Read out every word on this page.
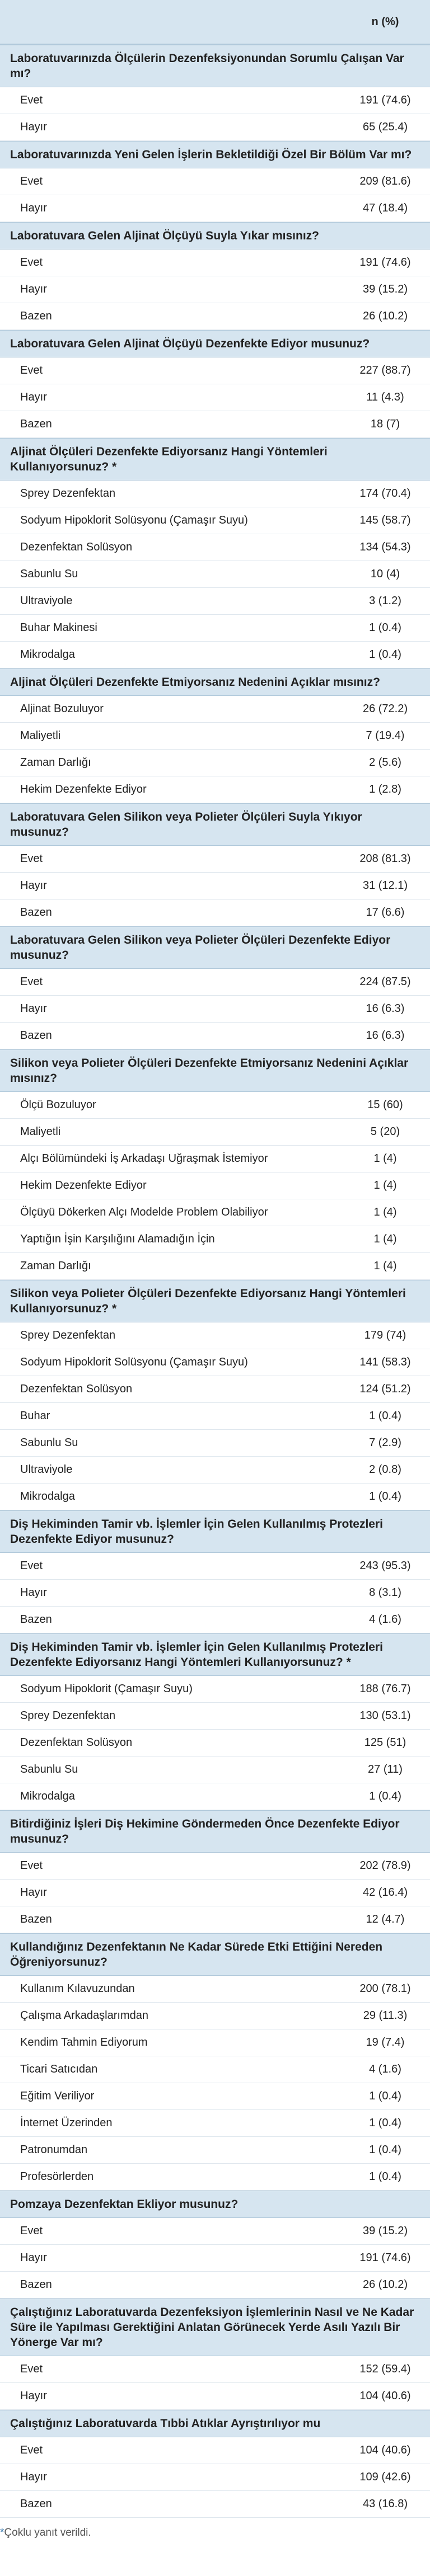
n (%)
Laboratuvarınızda Ölçülerin Dezenfeksiyonundan Sorumlu Çalışan Var mı?
Evet	191 (74.6)
Hayır	65 (25.4)
Laboratuvarınızda Yeni Gelen İşlerin Bekletildiği Özel Bir Bölüm Var mı?
Evet	209 (81.6)
Hayır	47 (18.4)
Laboratuvara Gelen Aljinat Ölçüyü Suyla Yıkar mısınız?
Evet	191 (74.6)
Hayır	39 (15.2)
Bazen	26 (10.2)
Laboratuvara Gelen Aljinat Ölçüyü Dezenfekte Ediyor musunuz?
Evet	227 (88.7)
Hayır	11 (4.3)
Bazen	18 (7)
Aljinat Ölçüleri Dezenfekte Ediyorsanız Hangi Yöntemleri Kullanıyorsunuz? *
Sprey Dezenfektan	174 (70.4)
Sodyum Hipoklorit Solüsyonu (Çamaşır Suyu)	145 (58.7)
Dezenfektan Solüsyon	134 (54.3)
Sabunlu Su	10 (4)
Ultraviyole	3 (1.2)
Buhar Makinesi	1 (0.4)
Mikrodalga	1 (0.4)
Aljinat Ölçüleri Dezenfekte Etmiyorsanız Nedenini Açıklar mısınız?
Aljinat Bozuluyor	26 (72.2)
Maliyetli	7 (19.4)
Zaman Darlığı	2 (5.6)
Hekim Dezenfekte Ediyor	1 (2.8)
Laboratuvara Gelen Silikon veya Polieter Ölçüleri Suyla Yıkıyor musunuz?
Evet	208 (81.3)
Hayır	31 (12.1)
Bazen	17 (6.6)
Laboratuvara Gelen Silikon veya Polieter Ölçüleri Dezenfekte Ediyor musunuz?
Evet	224 (87.5)
Hayır	16 (6.3)
Bazen	16 (6.3)
Silikon veya Polieter Ölçüleri Dezenfekte Etmiyorsanız Nedenini Açıklar mısınız?
Ölçü Bozuluyor	15 (60)
Maliyetli	5 (20)
Alçı Bölümündeki İş Arkadaşı Uğraşmak İstemiyor	1 (4)
Hekim Dezenfekte Ediyor	1 (4)
Ölçüyü Dökerken Alçı Modelde Problem Olabiliyor	1 (4)
Yaptığın İşin Karşılığını Alamadığın İçin	1 (4)
Zaman Darlığı	1 (4)
Silikon veya Polieter Ölçüleri Dezenfekte Ediyorsanız Hangi Yöntemleri Kullanıyorsunuz? *
Sprey Dezenfektan	179 (74)
Sodyum Hipoklorit Solüsyonu (Çamaşır Suyu)	141 (58.3)
Dezenfektan Solüsyon	124 (51.2)
Buhar	1 (0.4)
Sabunlu Su	7 (2.9)
Ultraviyole	2 (0.8)
Mikrodalga	1 (0.4)
Diş Hekiminden Tamir vb. İşlemler İçin Gelen Kullanılmış Protezleri Dezenfekte Ediyor musunuz?
Evet	243 (95.3)
Hayır	8 (3.1)
Bazen	4 (1.6)
Diş Hekiminden Tamir vb. İşlemler İçin Gelen Kullanılmış Protezleri Dezenfekte Ediyorsanız Hangi Yöntemleri Kullanıyorsunuz? *
Sodyum Hipoklorit (Çamaşır Suyu)	188 (76.7)
Sprey Dezenfektan	130 (53.1)
Dezenfektan Solüsyon	125 (51)
Sabunlu Su	27 (11)
Mikrodalga	1 (0.4)
Bitirdiğiniz İşleri Diş Hekimine Göndermeden Önce Dezenfekte Ediyor musunuz?
Evet	202 (78.9)
Hayır	42 (16.4)
Bazen	12 (4.7)
Kullandığınız Dezenfektanın Ne Kadar Sürede Etki Ettiğini Nereden Öğreniyorsunuz?
Kullanım Kılavuzundan	200 (78.1)
Çalışma Arkadaşlarımdan	29 (11.3)
Kendim Tahmin Ediyorum	19 (7.4)
Ticari Satıcıdan	4 (1.6)
Eğitim Veriliyor	1 (0.4)
İnternet Üzerinden	1 (0.4)
Patronumdan	1 (0.4)
Profesörlerden	1 (0.4)
Pomzaya Dezenfektan Ekliyor musunuz?
Evet	39 (15.2)
Hayır	191 (74.6)
Bazen	26 (10.2)
Çalıştığınız Laboratuvarda Dezenfeksiyon İşlemlerinin Nasıl ve Ne Kadar Süre ile Yapılması Gerektiğini Anlatan Görünecek Yerde Asılı Yazılı Bir Yönerge Var mı?
Evet	152 (59.4)
Hayır	104 (40.6)
Çalıştığınız Laboratuvarda Tıbbi Atıklar Ayrıştırılıyor mu
Evet	104 (40.6)
Hayır	109 (42.6)
Bazen	43 (16.8)
*Çoklu yanıt verildi.
